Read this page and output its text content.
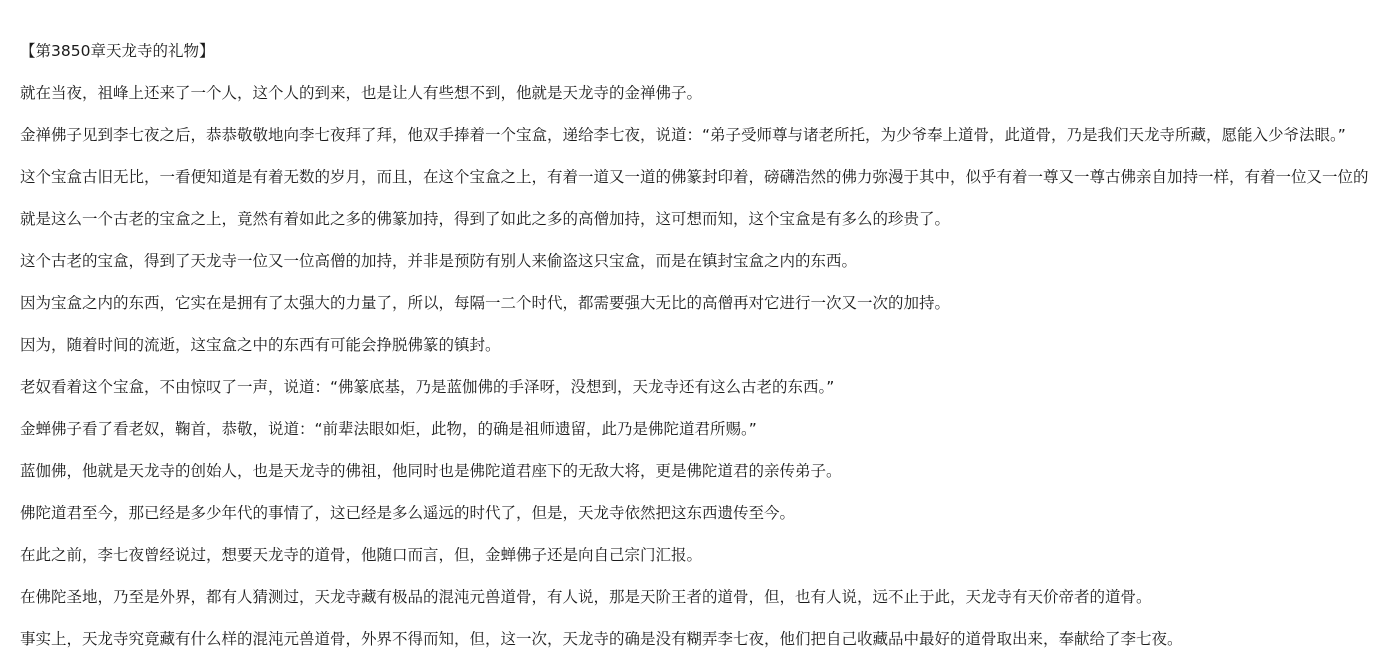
【第3850章天龙寺的礼物】

就在当夜，祖峰上还来了一个人，这个人的到来，也是让人有些想不到，他就是天龙寺的金禅佛子。

金禅佛子见到李七夜之后，恭恭敬敬地向李七夜拜了拜，他双手捧着一个宝盒，递给李七夜，说道：“弟子受师尊与诸老所托，为少爷奉上道骨，此道骨，乃是我们天龙寺所藏，愿能入少爷法眼。”

这个宝盒古旧无比，一看便知道是有着无数的岁月，而且，在这个宝盒之上，有着一道又一道的佛篆封印着，磅礴浩然的佛力弥漫于其中，似乎有着一尊又一尊古佛亲自加持一样，有着一位又一位的

就是这么一个古老的宝盒之上，竟然有着如此之多的佛篆加持，得到了如此之多的高僧加持，这可想而知，这个宝盒是有多么的珍贵了。

这个古老的宝盒，得到了天龙寺一位又一位高僧的加持，并非是预防有别人来偷盗这只宝盒，而是在镇封宝盒之内的东西。

因为宝盒之内的东西，它实在是拥有了太强大的力量了，所以，每隔一二个时代，都需要强大无比的高僧再对它进行一次又一次的加持。

因为，随着时间的流逝，这宝盒之中的东西有可能会挣脱佛篆的镇封。

老奴看着这个宝盒，不由惊叹了一声，说道：“佛篆底基，乃是蓝伽佛的手泽呀，没想到，天龙寺还有这么古老的东西。”

金蝉佛子看了看老奴，鞠首，恭敬，说道：“前辈法眼如炬，此物，的确是祖师遗留，此乃是佛陀道君所赐。”

蓝伽佛，他就是天龙寺的创始人，也是天龙寺的佛祖，他同时也是佛陀道君座下的无敌大将，更是佛陀道君的亲传弟子。

佛陀道君至今，那已经是多少年代的事情了，这已经是多么遥远的时代了，但是，天龙寺依然把这东西遗传至今。

在此之前，李七夜曾经说过，想要天龙寺的道骨，他随口而言，但，金蝉佛子还是向自己宗门汇报。

在佛陀圣地，乃至是外界，都有人猜测过，天龙寺藏有极品的混沌元兽道骨，有人说，那是天阶王者的道骨，但，也有人说，远不止于此，天龙寺有天价帝者的道骨。

事实上，天龙寺究竟藏有什么样的混沌元兽道骨，外界不得而知，但，这一次，天龙寺的确是没有糊弄李七夜，他们把自己收藏品中最好的道骨取出来，奉献给了李七夜。
